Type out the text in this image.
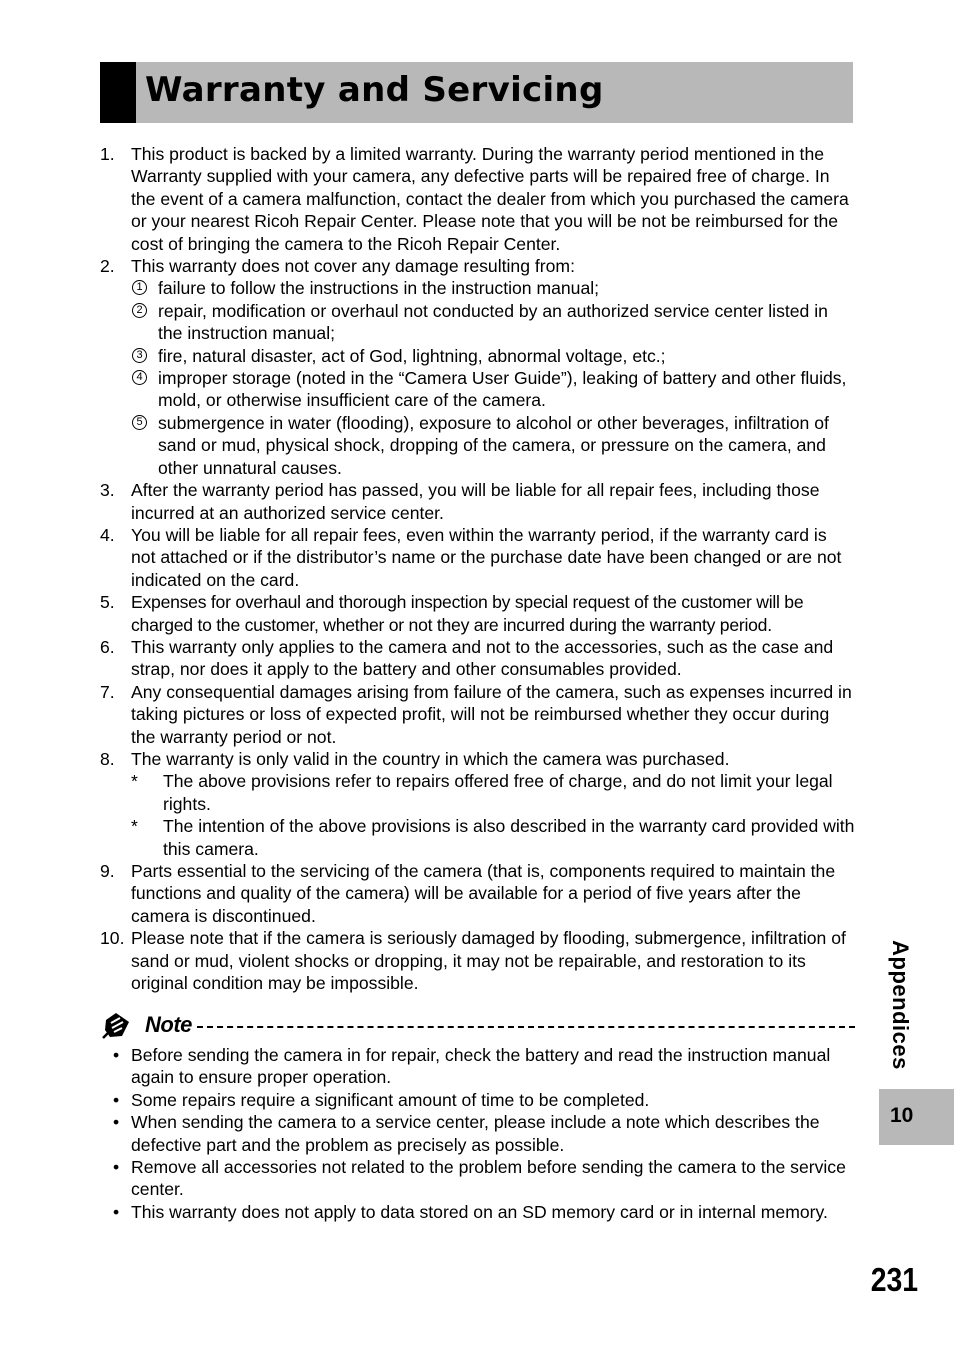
Warranty and Servicing
1. This product is backed by a limited warranty. During the warranty period mentioned in the Warranty supplied with your camera, any defective parts will be repaired free of charge. In the event of a camera malfunction, contact the dealer from which you purchased the camera or your nearest Ricoh Repair Center. Please note that you will be not be reimbursed for the cost of bringing the camera to the Ricoh Repair Center.
2. This warranty does not cover any damage resulting from:
1 failure to follow the instructions in the instruction manual;
2 repair, modification or overhaul not conducted by an authorized service center listed in the instruction manual;
3 fire, natural disaster, act of God, lightning, abnormal voltage, etc.;
4 improper storage (noted in the “Camera User Guide”), leaking of battery and other fluids, mold, or otherwise insufficient care of the camera.
5 submergence in water (flooding), exposure to alcohol or other beverages, infiltration of sand or mud, physical shock, dropping of the camera, or pressure on the camera, and other unnatural causes.
3. After the warranty period has passed, you will be liable for all repair fees, including those incurred at an authorized service center.
4. You will be liable for all repair fees, even within the warranty period, if the warranty card is not attached or if the distributor’s name or the purchase date have been changed or are not indicated on the card.
5. Expenses for overhaul and thorough inspection by special request of the customer will be charged to the customer, whether or not they are incurred during the warranty period.
6. This warranty only applies to the camera and not to the accessories, such as the case and strap, nor does it apply to the battery and other consumables provided.
7. Any consequential damages arising from failure of the camera, such as expenses incurred in taking pictures or loss of expected profit, will not be reimbursed whether they occur during the warranty period or not.
8. The warranty is only valid in the country in which the camera was purchased.
* The above provisions refer to repairs offered free of charge, and do not limit your legal rights.
* The intention of the above provisions is also described in the warranty card provided with this camera.
9. Parts essential to the servicing of the camera (that is, components required to maintain the functions and quality of the camera) will be available for a period of five years after the camera is discontinued.
10. Please note that if the camera is seriously damaged by flooding, submergence, infiltration of sand or mud, violent shocks or dropping, it may not be repairable, and restoration to its original condition may be impossible.
Note
• Before sending the camera in for repair, check the battery and read the instruction manual again to ensure proper operation.
• Some repairs require a significant amount of time to be completed.
• When sending the camera to a service center, please include a note which describes the defective part and the problem as precisely as possible.
• Remove all accessories not related to the problem before sending the camera to the service center.
• This warranty does not apply to data stored on an SD memory card or in internal memory.
Appendices
10
231
